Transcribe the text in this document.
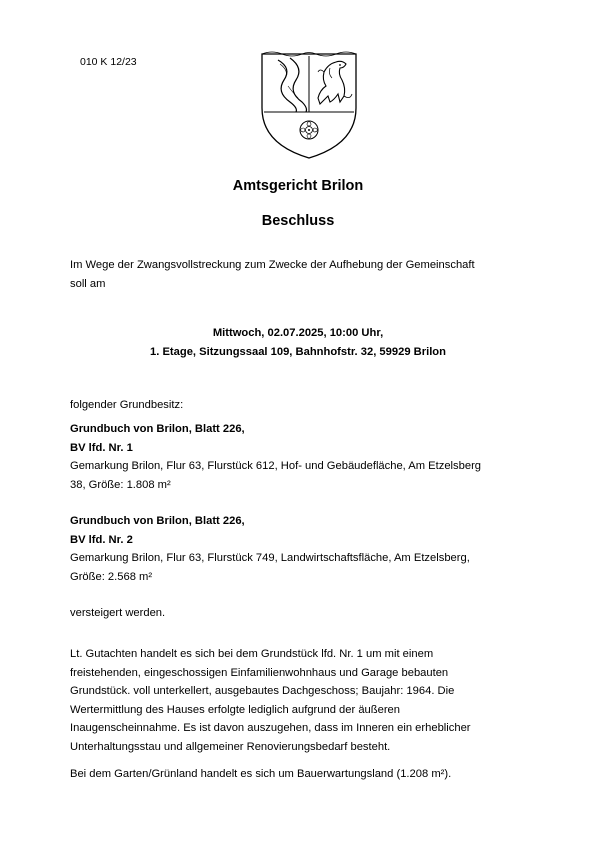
010 K 12/23
Amtsgericht Brilon
Beschluss
Im Wege der Zwangsvollstreckung zum Zwecke der Aufhebung der Gemeinschaft
soll am
Mittwoch, 02.07.2025, 10:00 Uhr,
1. Etage, Sitzungssaal 109, Bahnhofstr. 32, 59929 Brilon
folgender Grundbesitz:
Grundbuch von Brilon, Blatt 226,
BV lfd. Nr. 1
Gemarkung Brilon, Flur 63, Flurstück 612, Hof- und Gebäudefläche, Am Etzelsberg
38, Größe: 1.808 m²
Grundbuch von Brilon, Blatt 226,
BV lfd. Nr. 2
Gemarkung Brilon, Flur 63, Flurstück 749, Landwirtschaftsfläche, Am Etzelsberg,
Größe: 2.568 m²
versteigert werden.
Lt. Gutachten handelt es sich bei dem Grundstück lfd. Nr. 1 um mit einem
freistehenden, eingeschossigen Einfamilienwohnhaus und Garage bebauten
Grundstück. voll unterkellert, ausgebautes Dachgeschoss; Baujahr: 1964. Die
Wertermittlung des Hauses erfolgte lediglich aufgrund der äußeren
Inaugenscheinnahme. Es ist davon auszugehen, dass im Inneren ein erheblicher
Unterhaltungsstau und allgemeiner Renovierungsbedarf besteht.
Bei dem Garten/Grünland handelt es sich um Bauerwartungsland (1.208 m²).
